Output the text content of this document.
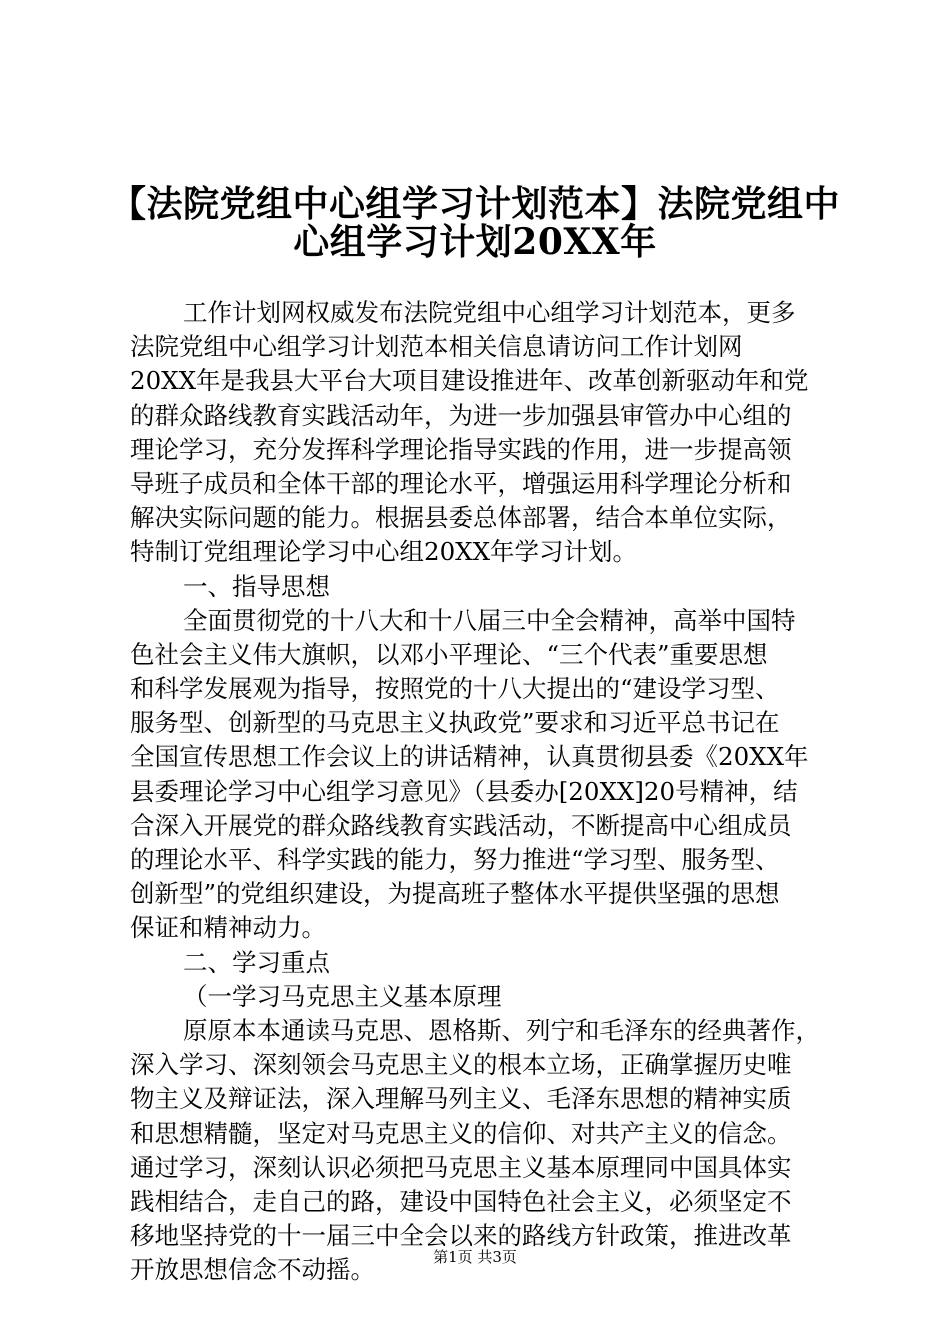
【法院党组中心组学习计划范本】法院党组中
心组学习计划20XX年
工作计划网权威发布法院党组中心组学习计划范本，更多
法院党组中心组学习计划范本相关信息请访问工作计划网
20XX年是我县大平台大项目建设推进年、改革创新驱动年和党
的群众路线教育实践活动年，为进一步加强县审管办中心组的
理论学习，充分发挥科学理论指导实践的作用，进一步提高领
导班子成员和全体干部的理论水平，增强运用科学理论分析和
解决实际问题的能力。根据县委总体部署，结合本单位实际，
特制订党组理论学习中心组20XX年学习计划。
一、指导思想
全面贯彻党的十八大和十八届三中全会精神，高举中国特
色社会主义伟大旗帜，以邓小平理论、“三个代表”重要思想
和科学发展观为指导，按照党的十八大提出的“建设学习型、
服务型、创新型的马克思主义执政党”要求和习近平总书记在
全国宣传思想工作会议上的讲话精神，认真贯彻县委《20XX年
县委理论学习中心组学习意见》（县委办[20XX]20号精神，结
合深入开展党的群众路线教育实践活动，不断提高中心组成员
的理论水平、科学实践的能力，努力推进“学习型、服务型、
创新型”的党组织建设，为提高班子整体水平提供坚强的思想
保证和精神动力。
二、学习重点
（一学习马克思主义基本原理
原原本本通读马克思、恩格斯、列宁和毛泽东的经典著作，
深入学习、深刻领会马克思主义的根本立场，正确掌握历史唯
物主义及辩证法，深入理解马列主义、毛泽东思想的精神实质
和思想精髓，坚定对马克思主义的信仰、对共产主义的信念。
通过学习，深刻认识必须把马克思主义基本原理同中国具体实
践相结合，走自己的路，建设中国特色社会主义，必须坚定不
移地坚持党的十一届三中全会以来的路线方针政策，推进改革
开放思想信念不动摇。	第1页 共3页
